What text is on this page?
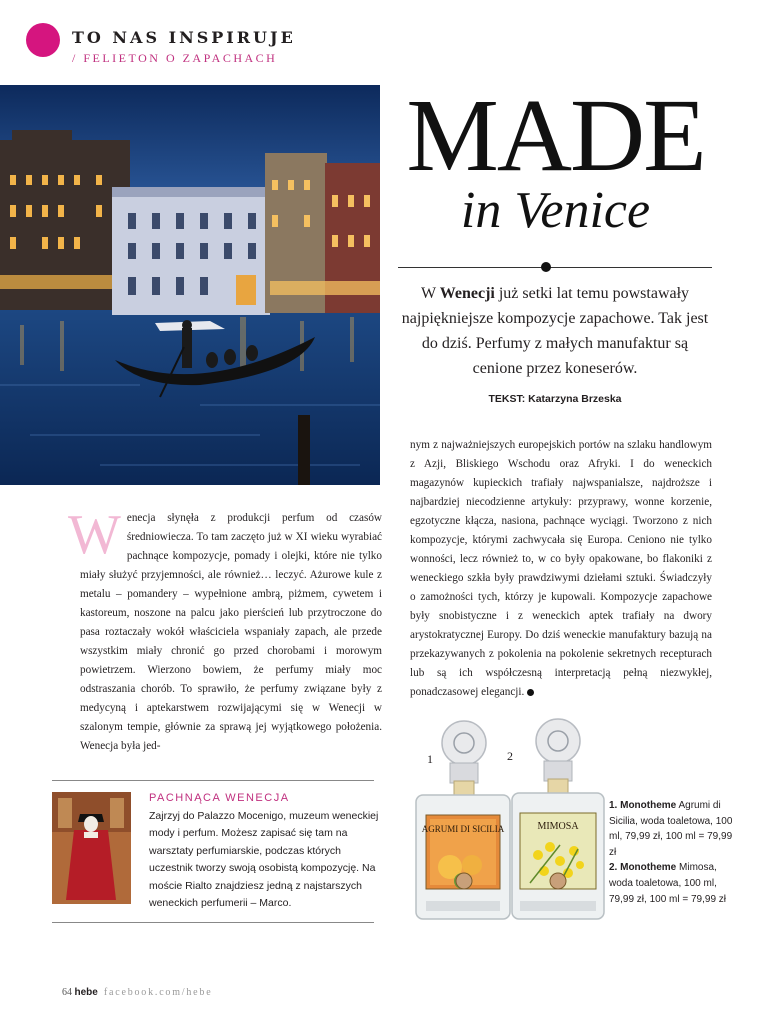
TO NAS INSPIRUJE
/ FELIETON O ZAPACHACH
MADE
in Venice
W Wenecji już setki lat temu powstawały najpiękniejsze kompozycje zapachowe. Tak jest do dziś. Perfumy z małych manufaktur są cenione przez koneserów.
TEKST: Katarzyna Brzeska
Wenecja słynęła z produkcji perfum od czasów średniowiecza. To tam zaczęto już w XI wieku wyrabiać pachnące kompozycje, pomady i olejki, które nie tylko miały służyć przyjemności, ale również… leczyć. Ażurowe kule z metalu – pomandery – wypełnione ambrą, piżmem, cywetem i kastoreum, noszone na palcu jako pierścień lub przytroczone do pasa roztaczały wokół właściciela wspaniały zapach, ale przede wszystkim miały chronić go przed chorobami i morowym powietrzem. Wierzono bowiem, że perfumy miały moc odstraszania chorób. To sprawiło, że perfumy związane były z medycyną i aptekarstwem rozwijającymi się w Wenecji w szalonym tempie, głównie za sprawą jej wyjątkowego położenia. Wenecja była jed-
nym z najważniejszych europejskich portów na szlaku handlowym z Azji, Bliskiego Wschodu oraz Afryki. I do weneckich magazynów kupieckich trafiały najwspanialsze, najdroższe i najbardziej niecodzienne artykuły: przyprawy, wonne korzenie, egzotyczne kłącza, nasiona, pachnące wyciągi. Tworzono z nich kompozycje, którymi zachwycała się Europa. Ceniono nie tylko wonności, lecz również to, w co były opakowane, bo flakoniki z weneckiego szkła były prawdziwymi dziełami sztuki. Świadczyły o zamożności tych, którzy je kupowali. Kompozycje zapachowe były snobistyczne i z weneckich aptek trafiały na dwory arystokratycznej Europy. Do dziś weneckie manufaktury bazują na przekazywanych z pokolenia na pokolenie sekretnych recepturach lub są ich współczesną interpretacją pełną niezwykłej, ponadczasowej elegancji.
PACHNĄCA WENECJA
Zajrzyj do Palazzo Mocenigo, muzeum weneckiej mody i perfum. Możesz zapisać się tam na warsztaty perfumiarskie, podczas których uczestnik tworzy swoją osobistą kompozycję. Na moście Rialto znajdziesz jedną z najstarszych weneckich perfumerii – Marco.
1	2
AGRUMI DI SICILIA	MIMOSA
1. Monotheme Agrumi di Sicilia, woda toaletowa, 100 ml, 79,99 zł, 100 ml = 79,99 zł
2. Monotheme Mimosa, woda toaletowa, 100 ml, 79,99 zł, 100 ml = 79,99 zł
64 hebe facebook.com/hebe
